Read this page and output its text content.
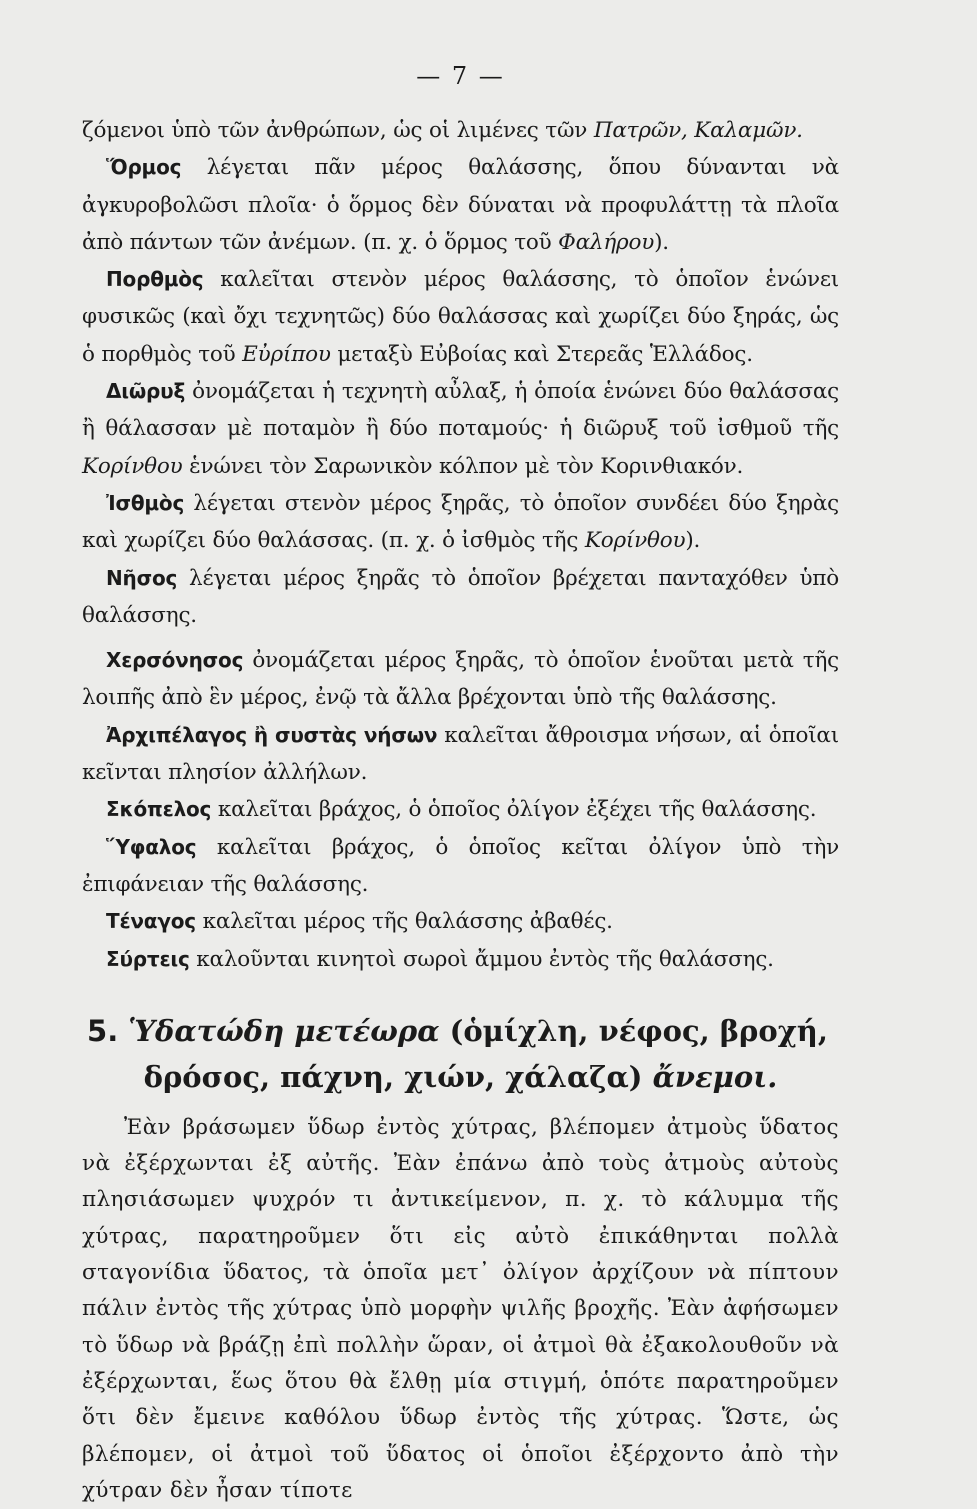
— 7 —

ζόμενοι ὑπὸ τῶν ἀνθρώπων, ὡς οἱ λιμένες τῶν Πατρῶν, Καλαμῶν.

Ὅρμος λέγεται πᾶν μέρος θαλάσσης, ὅπου δύνανται νὰ ἀγκυροβολῶσι πλοῖα· ὁ ὅρμος δὲν δύναται νὰ προφυλάττῃ τὰ πλοῖα ἀπὸ πάντων τῶν ἀνέμων. (π. χ. ὁ ὅρμος τοῦ Φαλήρου).

Πορθμὸς καλεῖται στενὸν μέρος θαλάσσης, τὸ ὁποῖον ἑνώνει φυσικῶς (καὶ ὄχι τεχνητῶς) δύο θαλάσσας καὶ χωρίζει δύο ξηράς, ὡς ὁ πορθμὸς τοῦ Εὐρίπου μεταξὺ Εὐβοίας καὶ Στερεᾶς Ἑλλάδος.

Διῶρυξ ὀνομάζεται ἡ τεχνητὴ αὖλαξ, ἡ ὁποία ἑνώνει δύο θαλάσσας ἢ θάλασσαν μὲ ποταμὸν ἢ δύο ποταμούς· ἡ διῶρυξ τοῦ ἰσθμοῦ τῆς Κορίνθου ἑνώνει τὸν Σαρωνικὸν κόλπον μὲ τὸν Κορινθιακόν.

Ἰσθμὸς λέγεται στενὸν μέρος ξηρᾶς, τὸ ὁποῖον συνδέει δύο ξηρὰς καὶ χωρίζει δύο θαλάσσας. (π. χ. ὁ ἰσθμὸς τῆς Κορίνθου).

Νῆσος λέγεται μέρος ξηρᾶς τὸ ὁποῖον βρέχεται πανταχόθεν ὑπὸ θαλάσσης.

Χερσόνησος ὀνομάζεται μέρος ξηρᾶς, τὸ ὁποῖον ἑνοῦται μετὰ τῆς λοιπῆς ἀπὸ ἓν μέρος, ἐνῷ τὰ ἄλλα βρέχονται ὑπὸ τῆς θαλάσσης.

Ἀρχιπέλαγος ἢ συστὰς νήσων καλεῖται ἄθροισμα νήσων, αἱ ὁποῖαι κεῖνται πλησίον ἀλλήλων.

Σκόπελος καλεῖται βράχος, ὁ ὁποῖος ὀλίγον ἐξέχει τῆς θαλάσσης.

Ὕφαλος καλεῖται βράχος, ὁ ὁποῖος κεῖται ὀλίγον ὑπὸ τὴν ἐπιφάνειαν τῆς θαλάσσης.

Τέναγος καλεῖται μέρος τῆς θαλάσσης ἀβαθές.

Σύρτεις καλοῦνται κινητοὶ σωροὶ ἄμμου ἐντὸς τῆς θαλάσσης.

5. Ὑδατώδη μετέωρα (ὁμίχλη, νέφος, βροχή, δρόσος, πάχνη, χιών, χάλαζα) ἄνεμοι.

Ἐὰν βράσωμεν ὕδωρ ἐντὸς χύτρας, βλέπομεν ἀτμοὺς ὕδατος νὰ ἐξέρχωνται ἐξ αὐτῆς. Ἐὰν ἐπάνω ἀπὸ τοὺς ἀτμοὺς αὐτοὺς πλησιάσωμεν ψυχρόν τι ἀντικείμενον, π. χ. τὸ κάλυμμα τῆς χύτρας, παρατηροῦμεν ὅτι εἰς αὐτὸ ἐπικάθηνται πολλὰ σταγονίδια ὕδατος, τὰ ὁποῖα μετ᾽ ὀλίγον ἀρχίζουν νὰ πίπτουν πάλιν ἐντὸς τῆς χύτρας ὑπὸ μορφὴν ψιλῆς βροχῆς. Ἐὰν ἀφήσωμεν τὸ ὕδωρ νὰ βράζῃ ἐπὶ πολλὴν ὥραν, οἱ ἀτμοὶ θὰ ἐξακολουθοῦν νὰ ἐξέρχωνται, ἕως ὅτου θὰ ἔλθῃ μία στιγμή, ὁπότε παρατηροῦμεν ὅτι δὲν ἔμεινε καθόλου ὕδωρ ἐντὸς τῆς χύτρας. Ὥστε, ὡς βλέπομεν, οἱ ἀτμοὶ τοῦ ὕδατος οἱ ὁποῖοι ἐξέρχοντο ἀπὸ τὴν χύτραν δὲν ἦσαν τίποτε
